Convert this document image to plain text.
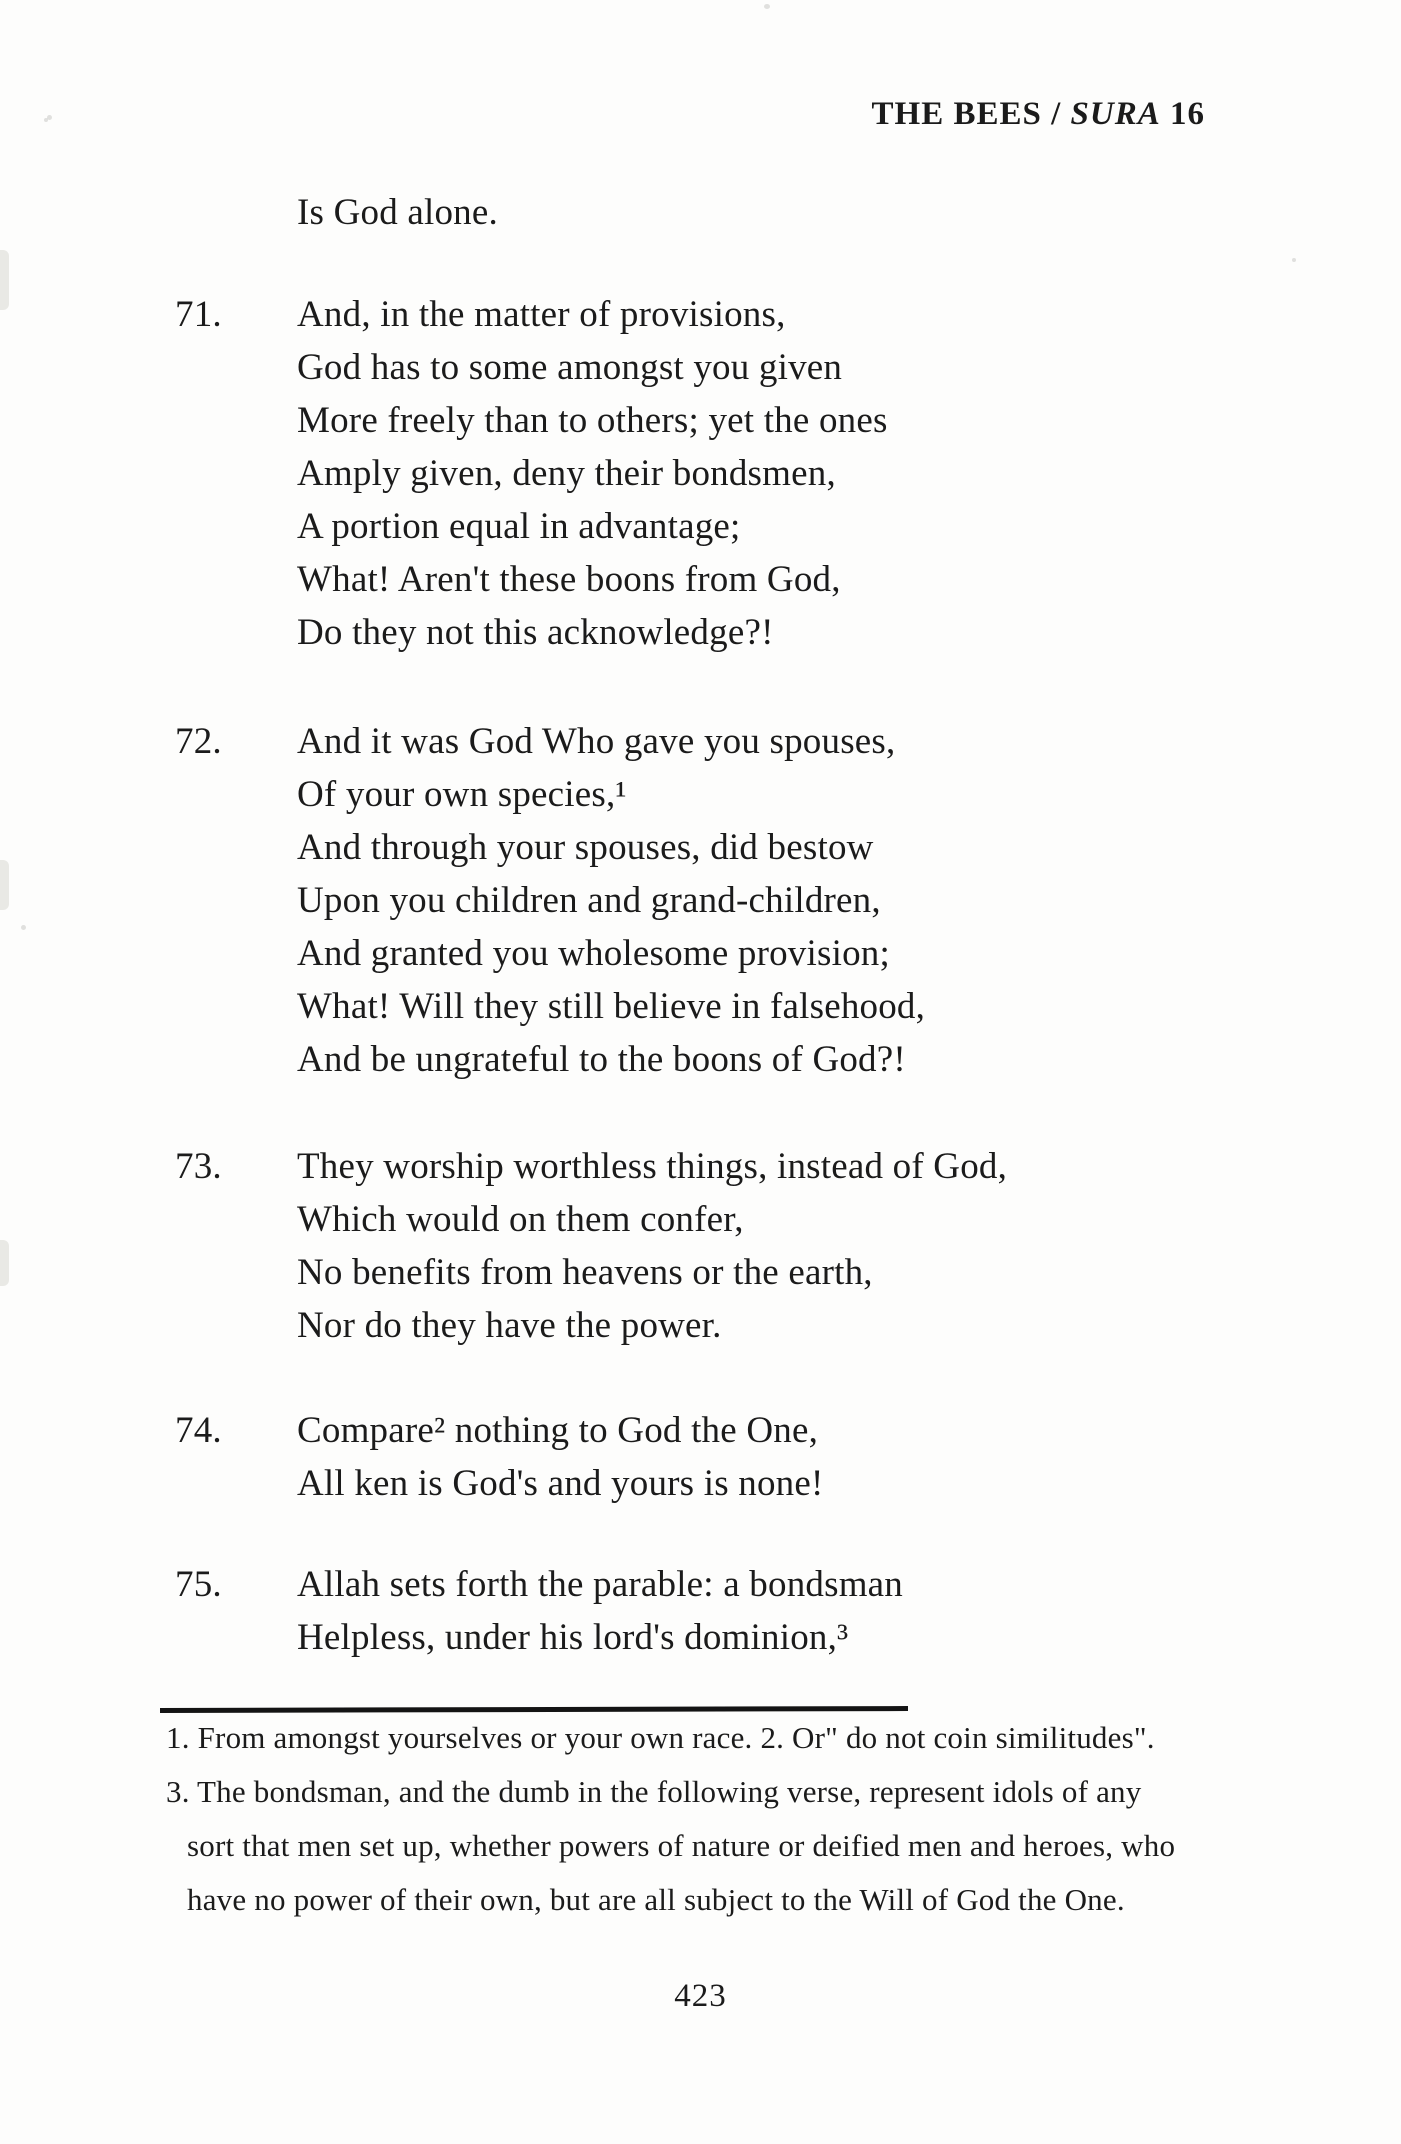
THE BEES / SURA 16
Is God alone.
71.	And, in the matter of provisions,
God has to some amongst you given
More freely than to others; yet the ones
Amply given, deny their bondsmen,
A portion equal in advantage;
What! Aren't these boons from God,
Do they not this acknowledge?!
72.	And it was God Who gave you spouses,
Of your own species,¹
And through your spouses, did bestow
Upon you children and grand-children,
And granted you wholesome provision;
What! Will they still believe in falsehood,
And be ungrateful to the boons of God?!
73.	They worship worthless things, instead of God,
Which would on them confer,
No benefits from heavens or the earth,
Nor do they have the power.
74.	Compare² nothing to God the One,
All ken is God's and yours is none!
75.	Allah sets forth the parable: a bondsman
Helpless, under his lord's dominion,³
1. From amongst yourselves or your own race. 2. Or" do not coin similitudes".
3. The bondsman, and the dumb in the following verse, represent idols of any
sort that men set up, whether powers of nature or deified men and heroes, who
have no power of their own, but are all subject to the Will of God the One.
423
